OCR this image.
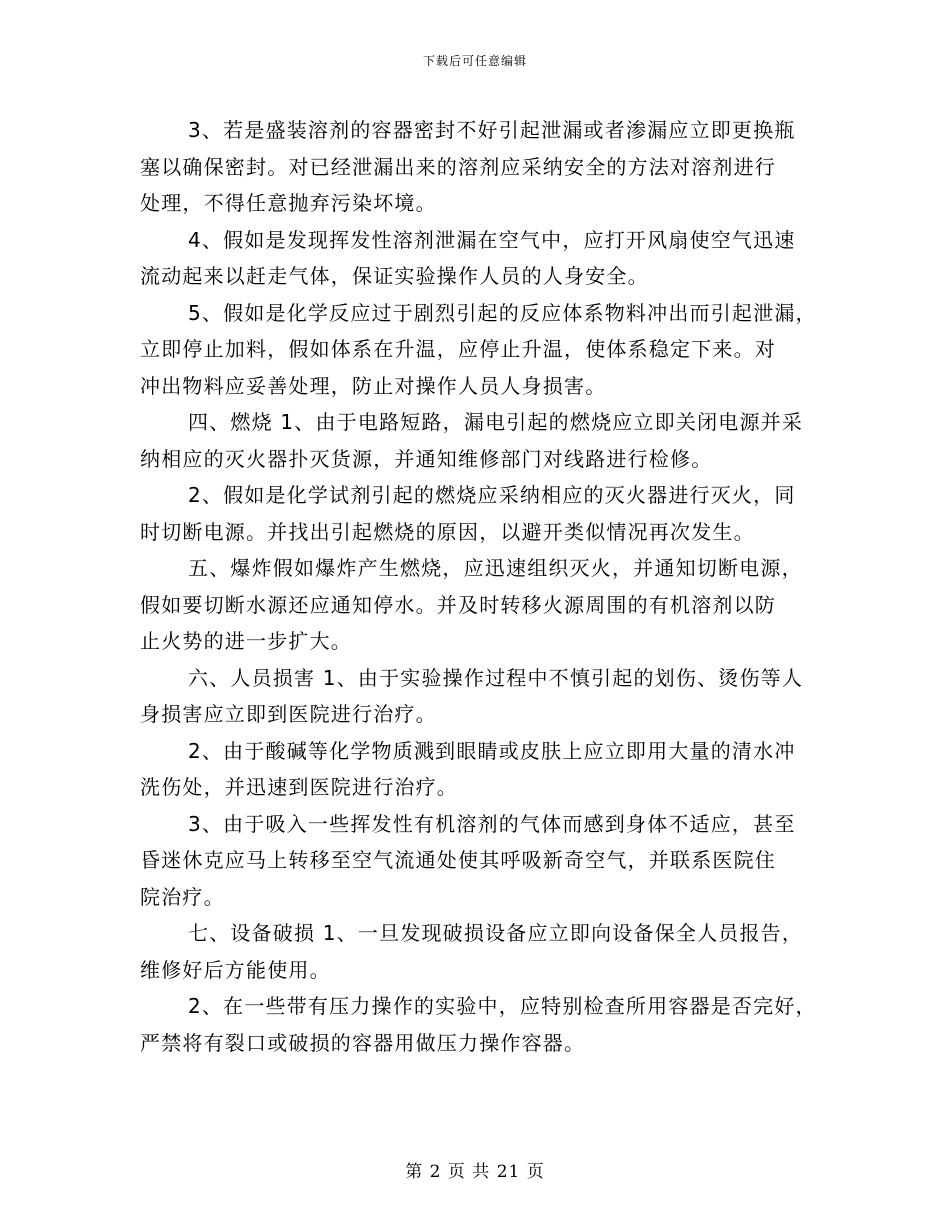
下载后可任意编辑

3、若是盛装溶剂的容器密封不好引起泄漏或者渗漏应立即更换瓶
塞以确保密封。对已经泄漏出来的溶剂应采纳安全的方法对溶剂进行
处理，不得任意抛弃污染坏境。

4、假如是发现挥发性溶剂泄漏在空气中，应打开风扇使空气迅速
流动起来以赶走气体，保证实验操作人员的人身安全。

5、假如是化学反应过于剧烈引起的反应体系物料冲出而引起泄漏，
立即停止加料，假如体系在升温，应停止升温，使体系稳定下来。对
冲出物料应妥善处理，防止对操作人员人身损害。

四、燃烧 1、由于电路短路，漏电引起的燃烧应立即关闭电源并采
纳相应的灭火器扑灭货源，并通知维修部门对线路进行检修。

2、假如是化学试剂引起的燃烧应采纳相应的灭火器进行灭火，同
时切断电源。并找出引起燃烧的原因，以避开类似情况再次发生。

五、爆炸假如爆炸产生燃烧，应迅速组织灭火，并通知切断电源，
假如要切断水源还应通知停水。并及时转移火源周围的有机溶剂以防
止火势的进一步扩大。

六、人员损害 1、由于实验操作过程中不慎引起的划伤、烫伤等人
身损害应立即到医院进行治疗。

2、由于酸碱等化学物质溅到眼睛或皮肤上应立即用大量的清水冲
洗伤处，并迅速到医院进行治疗。

3、由于吸入一些挥发性有机溶剂的气体而感到身体不适应，甚至
昏迷休克应马上转移至空气流通处使其呼吸新奇空气，并联系医院住
院治疗。

七、设备破损 1、一旦发现破损设备应立即向设备保全人员报告，
维修好后方能使用。

2、在一些带有压力操作的实验中，应特别检查所用容器是否完好，
严禁将有裂口或破损的容器用做压力操作容器。

第 2 页 共 21 页
